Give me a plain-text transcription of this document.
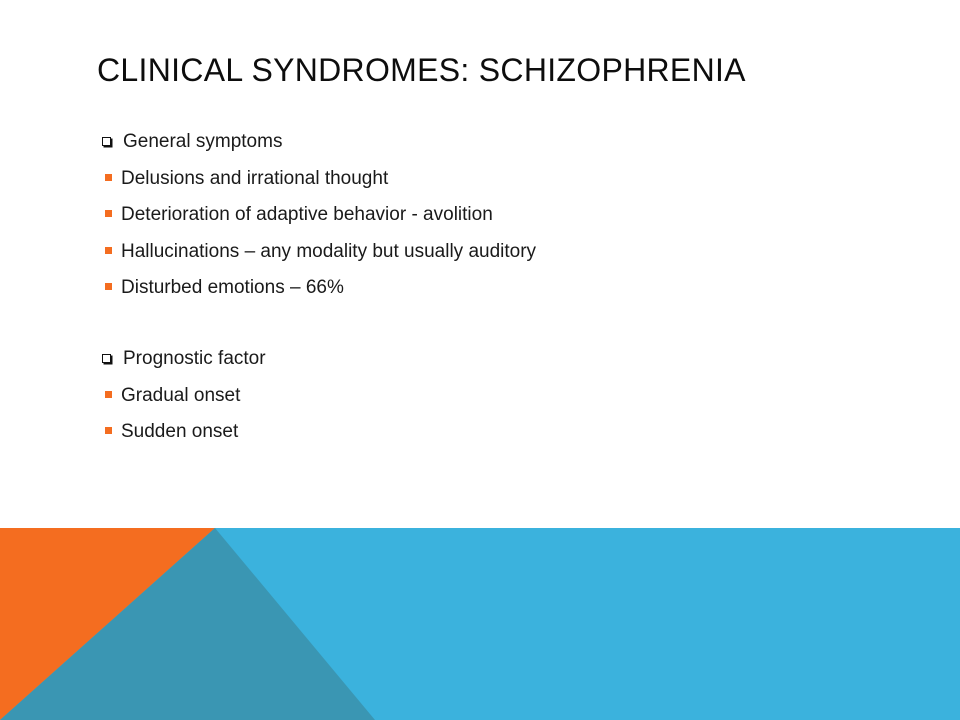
CLINICAL SYNDROMES: SCHIZOPHRENIA
General symptoms
Delusions and irrational thought
Deterioration of adaptive behavior - avolition
Hallucinations – any modality but usually auditory
Disturbed emotions – 66%
Prognostic factor
Gradual onset
Sudden onset
